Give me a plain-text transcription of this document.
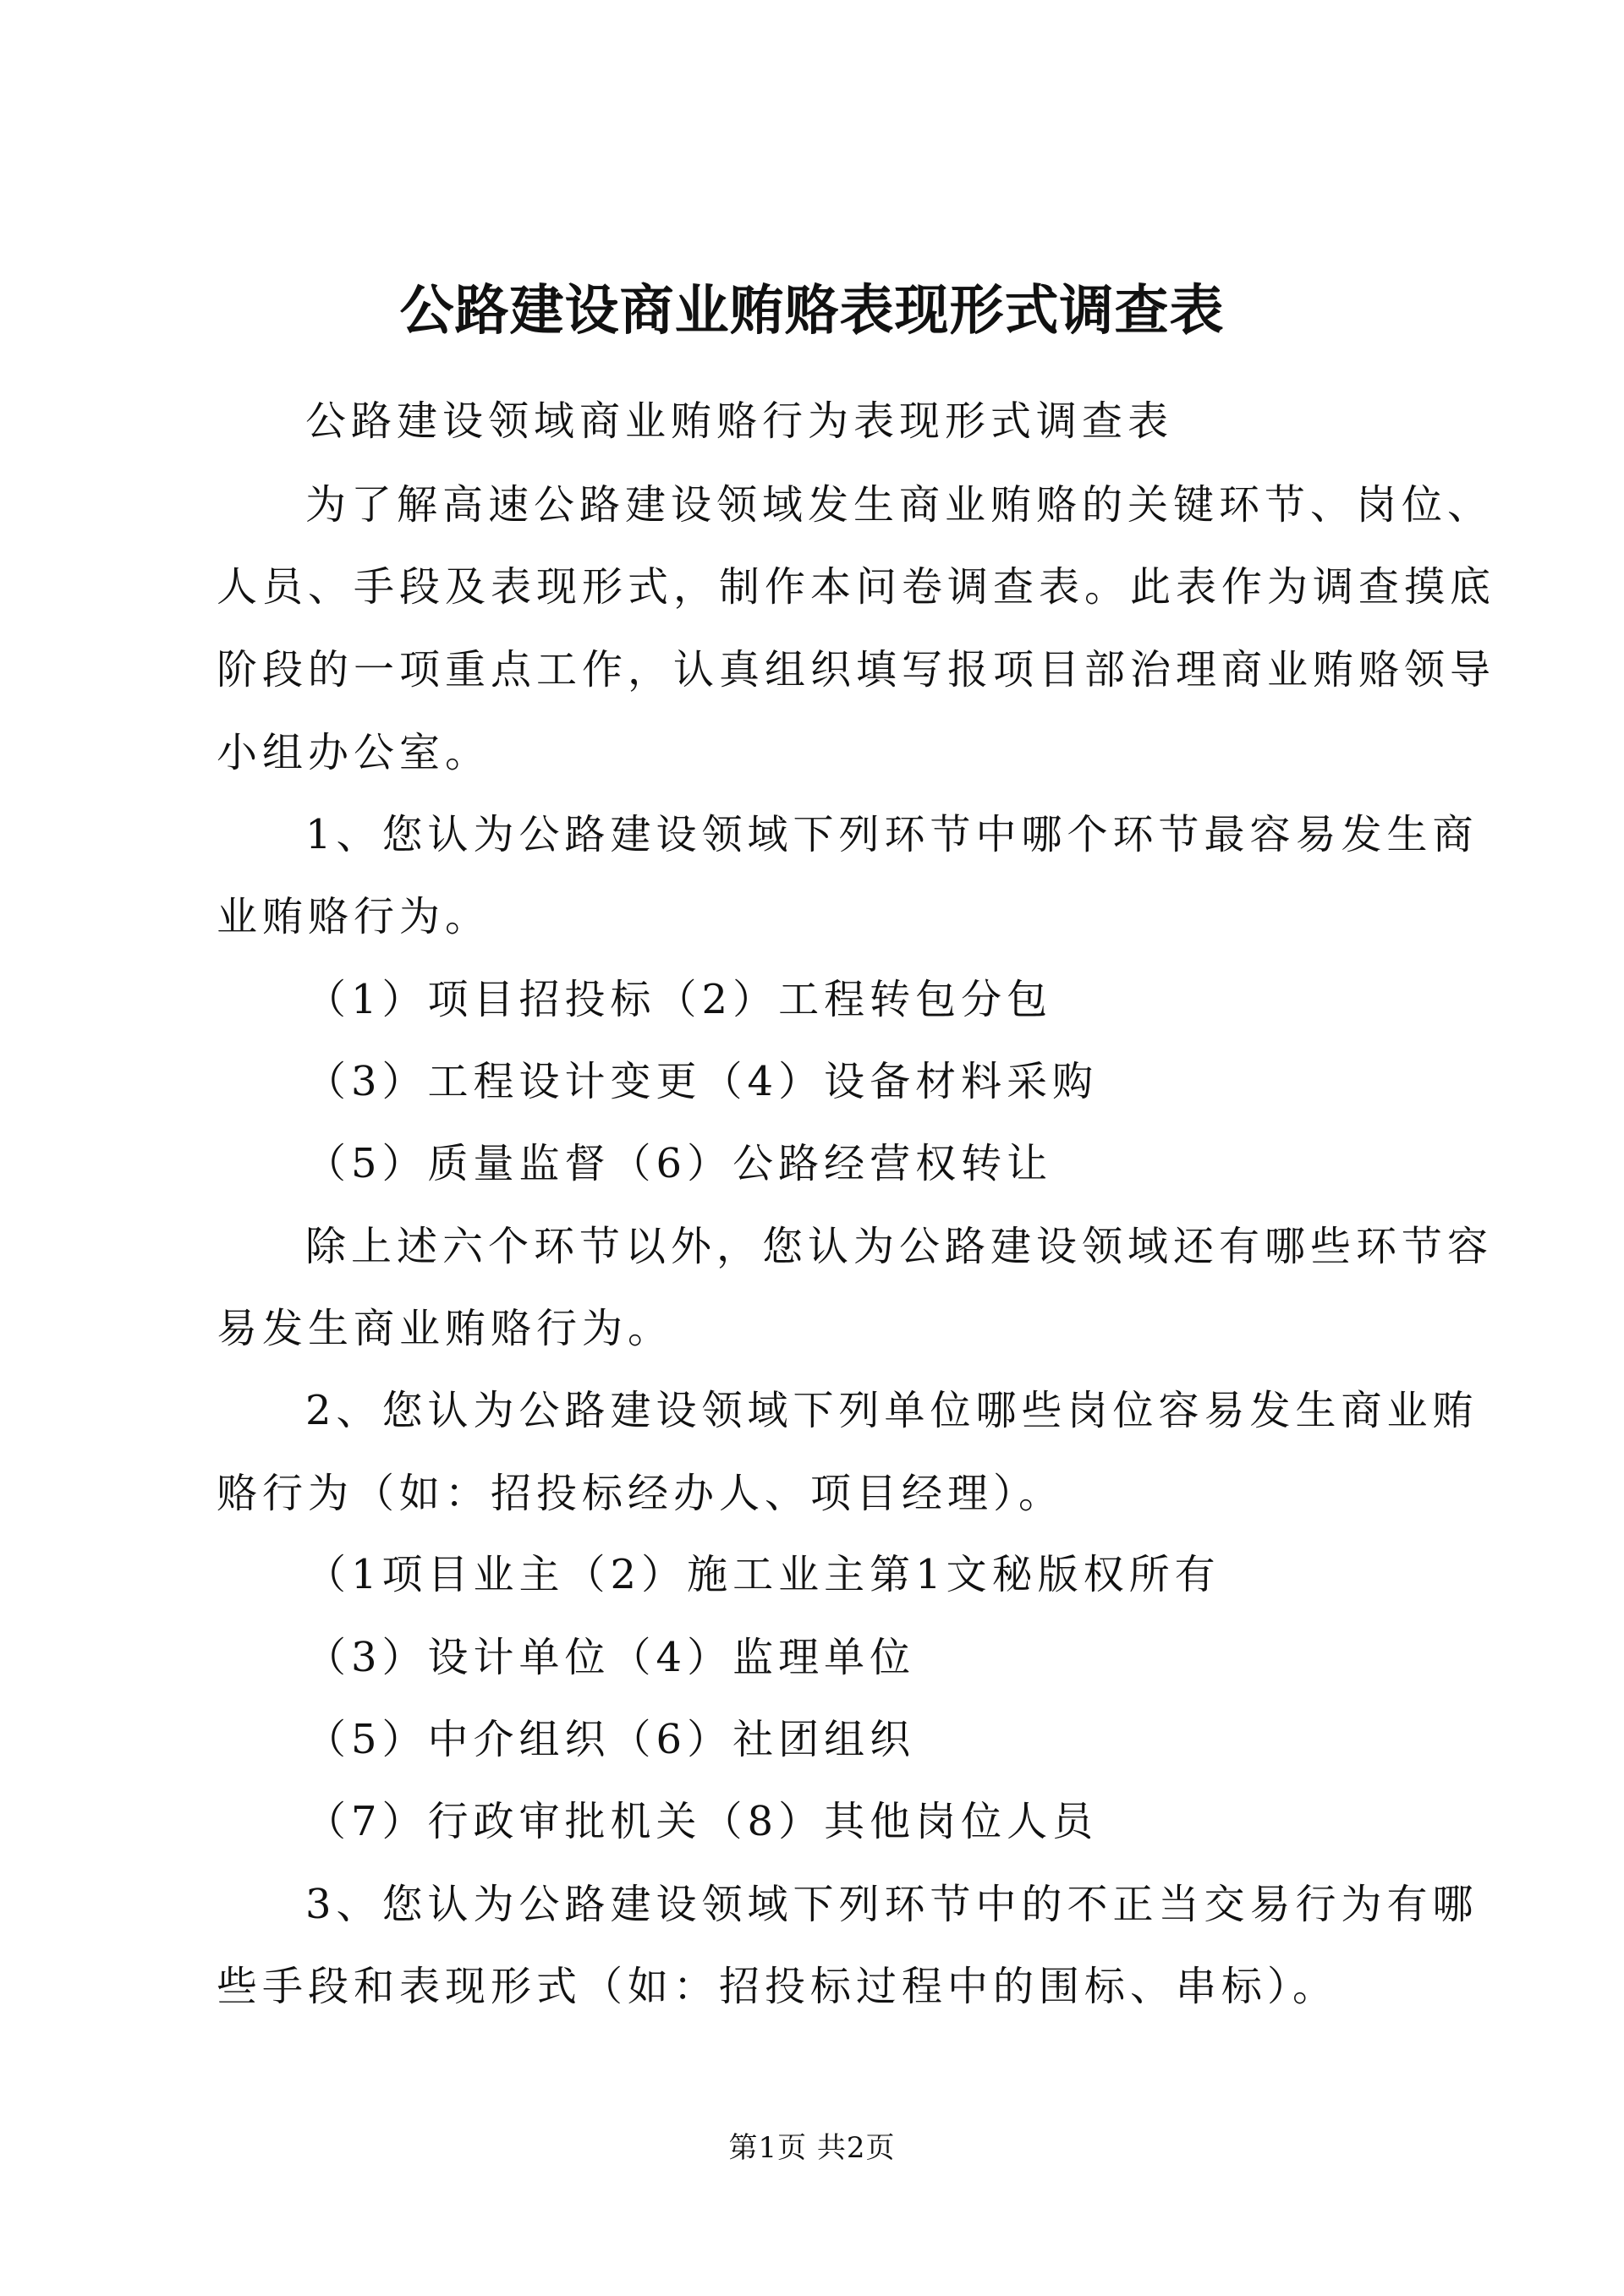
公路建设商业贿赂表现形式调查表
公路建设领域商业贿赂行为表现形式调查表
为了解高速公路建设领域发生商业贿赂的关键环节、岗位、
人员、手段及表现形式，制作本问卷调查表。此表作为调查摸底
阶段的一项重点工作，认真组织填写报项目部治理商业贿赂领导
小组办公室。
1、您认为公路建设领域下列环节中哪个环节最容易发生商
业贿赂行为。
（1）项目招投标（2）工程转包分包
（3）工程设计变更（4）设备材料采购
（5）质量监督（6）公路经营权转让
除上述六个环节以外，您认为公路建设领域还有哪些环节容
易发生商业贿赂行为。
2、您认为公路建设领域下列单位哪些岗位容易发生商业贿
赂行为（如：招投标经办人、项目经理）。
（1项目业主（2）施工业主第1文秘版权所有
（3）设计单位（4）监理单位
（5）中介组织（6）社团组织
（7）行政审批机关（8）其他岗位人员
3、您认为公路建设领域下列环节中的不正当交易行为有哪
些手段和表现形式（如：招投标过程中的围标、串标）。
第1页 共2页
